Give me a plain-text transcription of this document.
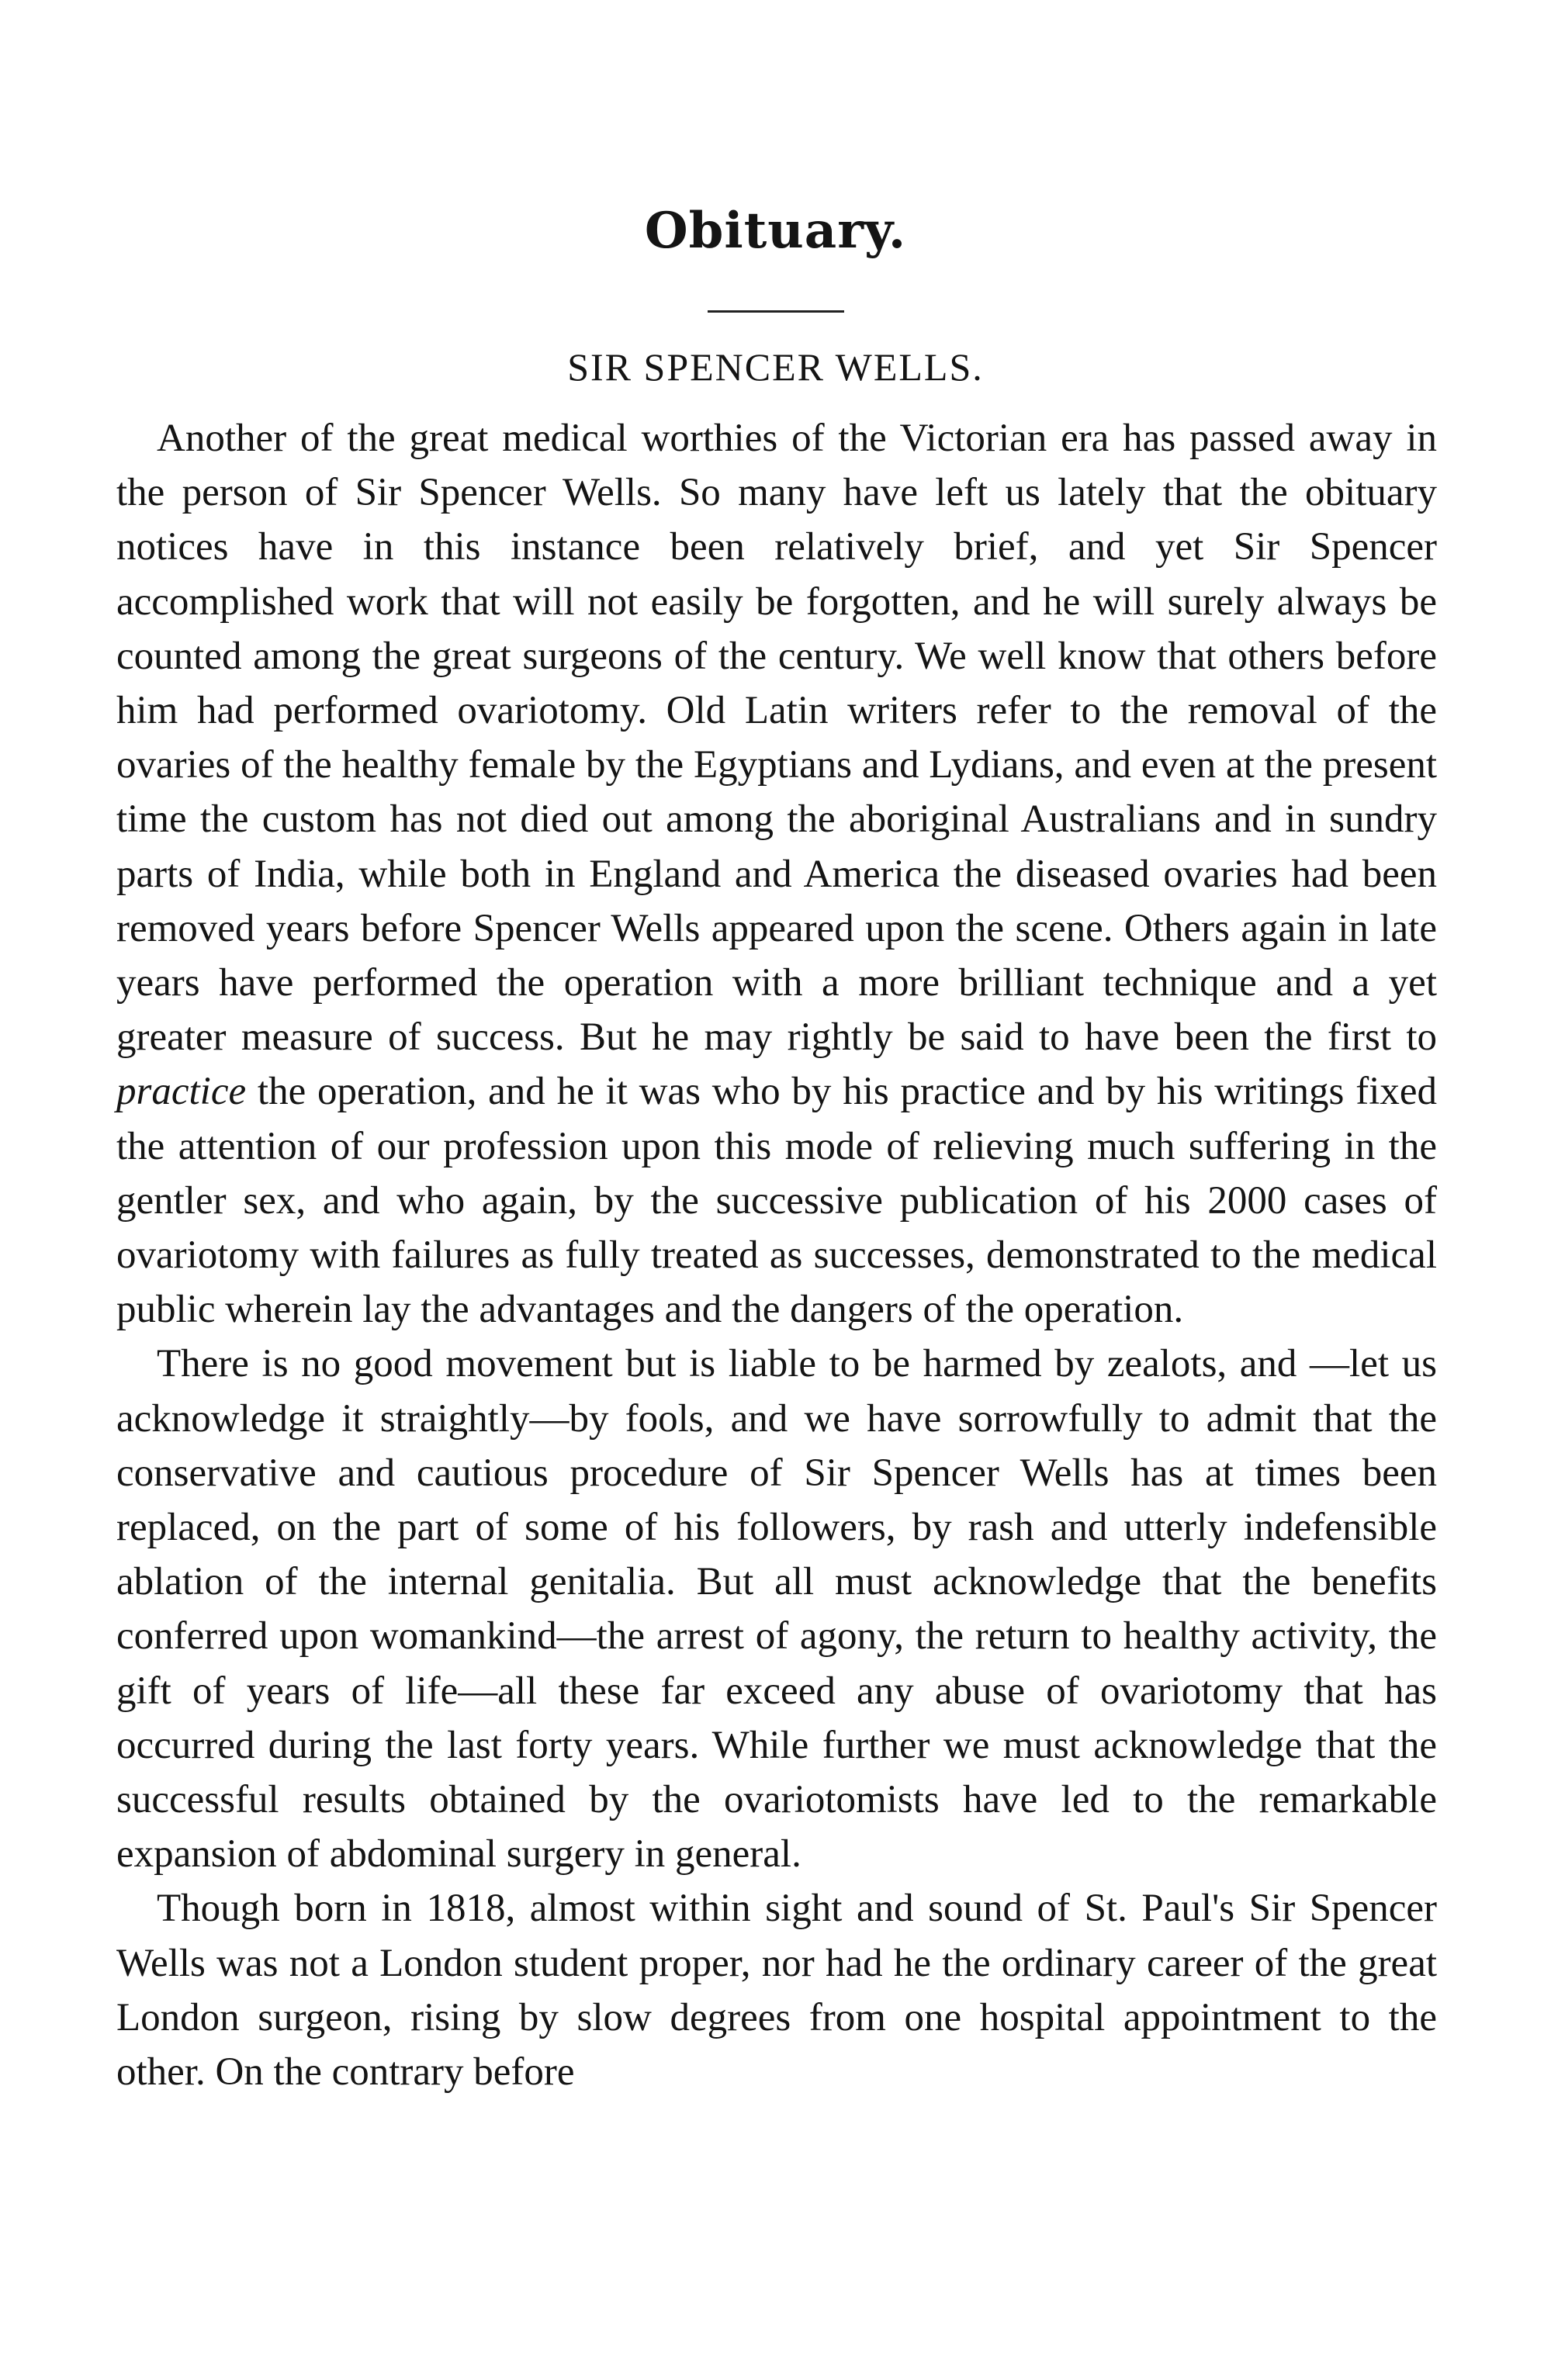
Obituary.
SIR SPENCER WELLS.

Another of the great medical worthies of the Victorian era has passed away in the person of Sir Spencer Wells. So many have left us lately that the obituary notices have in this instance been relatively brief, and yet Sir Spencer accomplished work that will not easily be forgotten, and he will surely always be counted among the great surgeons of the century. We well know that others before him had performed ovariotomy. Old Latin writers refer to the removal of the ovaries of the healthy female by the Egyptians and Lydians, and even at the present time the custom has not died out among the aboriginal Australians and in sundry parts of India, while both in England and America the diseased ovaries had been removed years before Spencer Wells appeared upon the scene. Others again in late years have performed the operation with a more brilliant technique and a yet greater measure of success. But he may rightly be said to have been the first to practice the operation, and he it was who by his practice and by his writings fixed the attention of our profession upon this mode of relieving much suffering in the gentler sex, and who again, by the successive publication of his 2000 cases of ovariotomy with failures as fully treated as successes, demonstrated to the medical public wherein lay the advantages and the dangers of the operation.

There is no good movement but is liable to be harmed by zealots, and —let us acknowledge it straightly—by fools, and we have sorrowfully to admit that the conservative and cautious procedure of Sir Spencer Wells has at times been replaced, on the part of some of his followers, by rash and utterly indefensible ablation of the internal genitalia. But all must acknowledge that the benefits conferred upon womankind—the arrest of agony, the return to healthy activity, the gift of years of life—all these far exceed any abuse of ovariotomy that has occurred during the last forty years. While further we must acknowledge that the successful results obtained by the ovariotomists have led to the remarkable expansion of abdominal surgery in general.

Though born in 1818, almost within sight and sound of St. Paul's Sir Spencer Wells was not a London student proper, nor had he the ordinary career of the great London surgeon, rising by slow degrees from one hospital appointment to the other. On the contrary before
